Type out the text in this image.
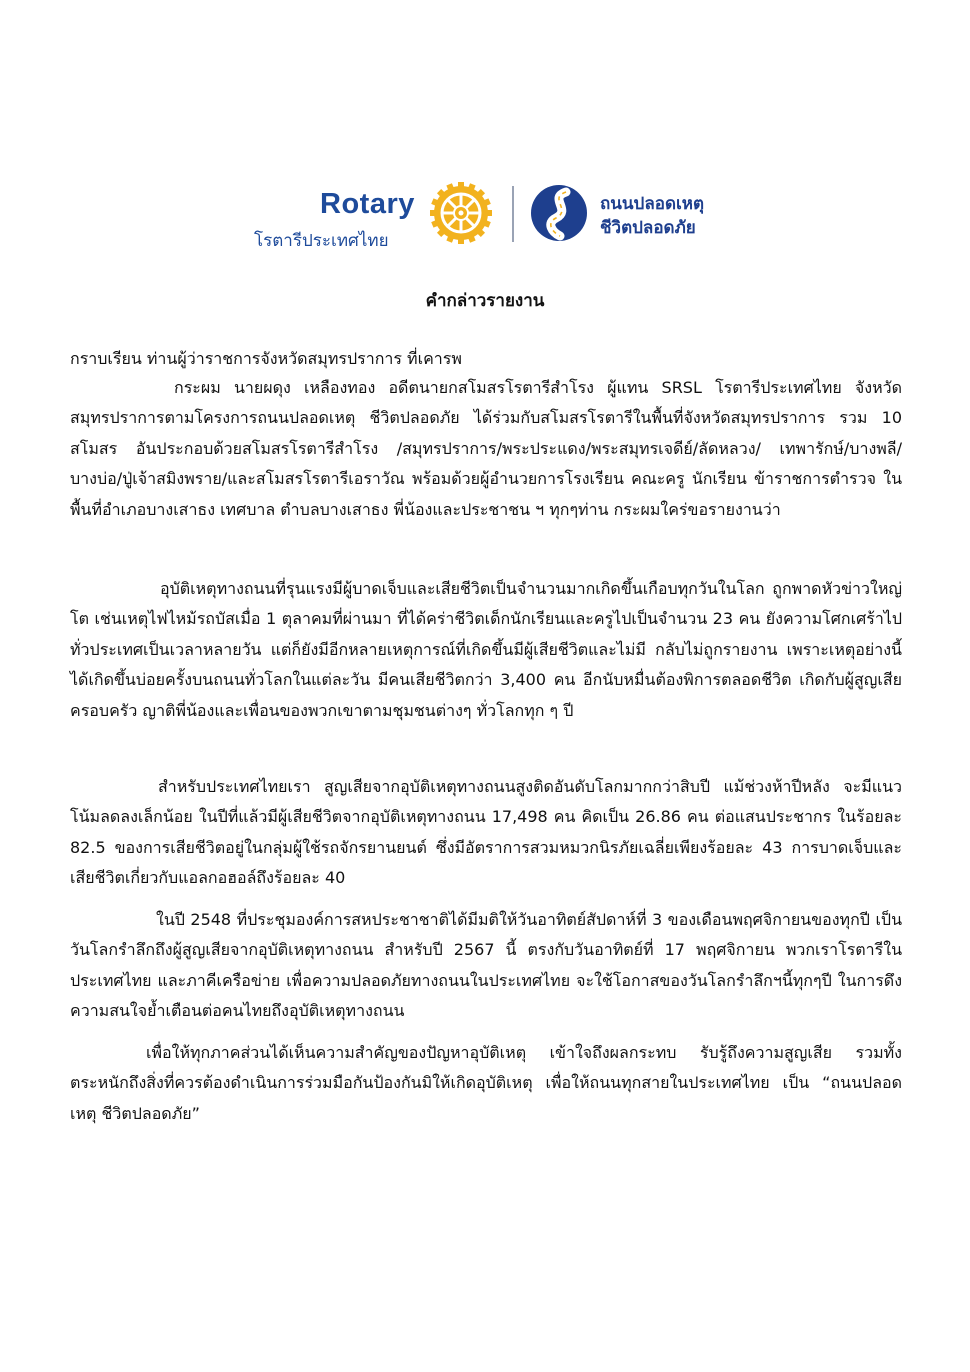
Rotary
โรตารีประเทศไทย
ถนนปลอดเหตุ
ชีวิตปลอดภัย
คำกล่าวรายงาน
กราบเรียน ท่านผู้ว่าราชการจังหวัดสมุทรปราการ ที่เคารพ

กระผม นายผดุง เหลืองทอง อดีตนายกสโมสรโรตารีสำโรง ผู้แทน SRSL โรตารีประเทศไทย จังหวัดสมุทรปราการตามโครงการถนนปลอดเหตุ ชีวิตปลอดภัย ได้ร่วมกับสโมสรโรตารีในพื้นที่จังหวัดสมุทรปราการ รวม 10 สโมสร อันประกอบด้วยสโมสรโรตารีสำโรง /สมุทรปราการ/พระประแดง/พระสมุทรเจดีย์/ลัดหลวง/ เทพารักษ์/บางพลี/บางบ่อ/ปู่เจ้าสมิงพราย/และสโมสรโรตารีเอราวัณ พร้อมด้วยผู้อำนวยการโรงเรียน คณะครู นักเรียน ข้าราชการตำรวจ ในพื้นที่อำเภอบางเสาธง เทศบาล ตำบลบางเสาธง พี่น้องและประชาชน ฯ ทุกๆท่าน กระผมใคร่ขอรายงานว่า

อุบัติเหตุทางถนนที่รุนแรงมีผู้บาดเจ็บและเสียชีวิตเป็นจำนวนมากเกิดขึ้นเกือบทุกวันในโลก ถูกพาดหัวข่าวใหญ่โต เช่นเหตุไฟไหม้รถบัสเมื่อ 1 ตุลาคมที่ผ่านมา ที่ได้คร่าชีวิตเด็กนักเรียนและครูไปเป็นจำนวน 23 คน ยังความโศกเศร้าไปทั่วประเทศเป็นเวลาหลายวัน แต่ก็ยังมีอีกหลายเหตุการณ์ที่เกิดขึ้นมีผู้เสียชีวิตและไม่มี กลับไม่ถูกรายงาน เพราะเหตุอย่างนี้ได้เกิดขึ้นบ่อยครั้งบนถนนทั่วโลกในแต่ละวัน มีคนเสียชีวิตกว่า 3,400 คน อีกนับหมื่นต้องพิการตลอดชีวิต เกิดกับผู้สูญเสีย ครอบครัว ญาติพี่น้องและเพื่อนของพวกเขาตามชุมชนต่างๆ ทั่วโลกทุก ๆ ปี

สำหรับประเทศไทยเรา สูญเสียจากอุบัติเหตุทางถนนสูงติดอันดับโลกมากกว่าสิบปี แม้ช่วงห้าปีหลัง จะมีแนวโน้มลดลงเล็กน้อย ในปีที่แล้วมีผู้เสียชีวิตจากอุบัติเหตุทางถนน 17,498 คน คิดเป็น 26.86 คน ต่อแสนประชากร ในร้อยละ 82.5 ของการเสียชีวิตอยู่ในกลุ่มผู้ใช้รถจักรยานยนต์ ซึ่งมีอัตราการสวมหมวกนิรภัยเฉลี่ยเพียงร้อยละ 43 การบาดเจ็บและเสียชีวิตเกี่ยวกับแอลกอฮอล์ถึงร้อยละ 40

ในปี 2548 ที่ประชุมองค์การสหประชาชาติได้มีมติให้วันอาทิตย์สัปดาห์ที่ 3 ของเดือนพฤศจิกายนของทุกปี เป็นวันโลกรำลึกถึงผู้สูญเสียจากอุบัติเหตุทางถนน สำหรับปี 2567 นี้ ตรงกับวันอาทิตย์ที่ 17 พฤศจิกายน พวกเราโรตารีในประเทศไทย และภาคีเครือข่าย เพื่อความปลอดภัยทางถนนในประเทศไทย จะใช้โอกาสของวันโลกรำลึกฯนี้ทุกๆปี ในการดึงความสนใจย้ำเตือนต่อคนไทยถึงอุบัติเหตุทางถนน

เพื่อให้ทุกภาคส่วนได้เห็นความสำคัญของปัญหาอุบัติเหตุ เข้าใจถึงผลกระทบ รับรู้ถึงความสูญเสีย รวมทั้งตระหนักถึงสิ่งที่ควรต้องดำเนินการร่วมมือกันป้องกันมิให้เกิดอุบัติเหตุ เพื่อให้ถนนทุกสายในประเทศไทย เป็น “ถนนปลอดเหตุ ชีวิตปลอดภัย”
